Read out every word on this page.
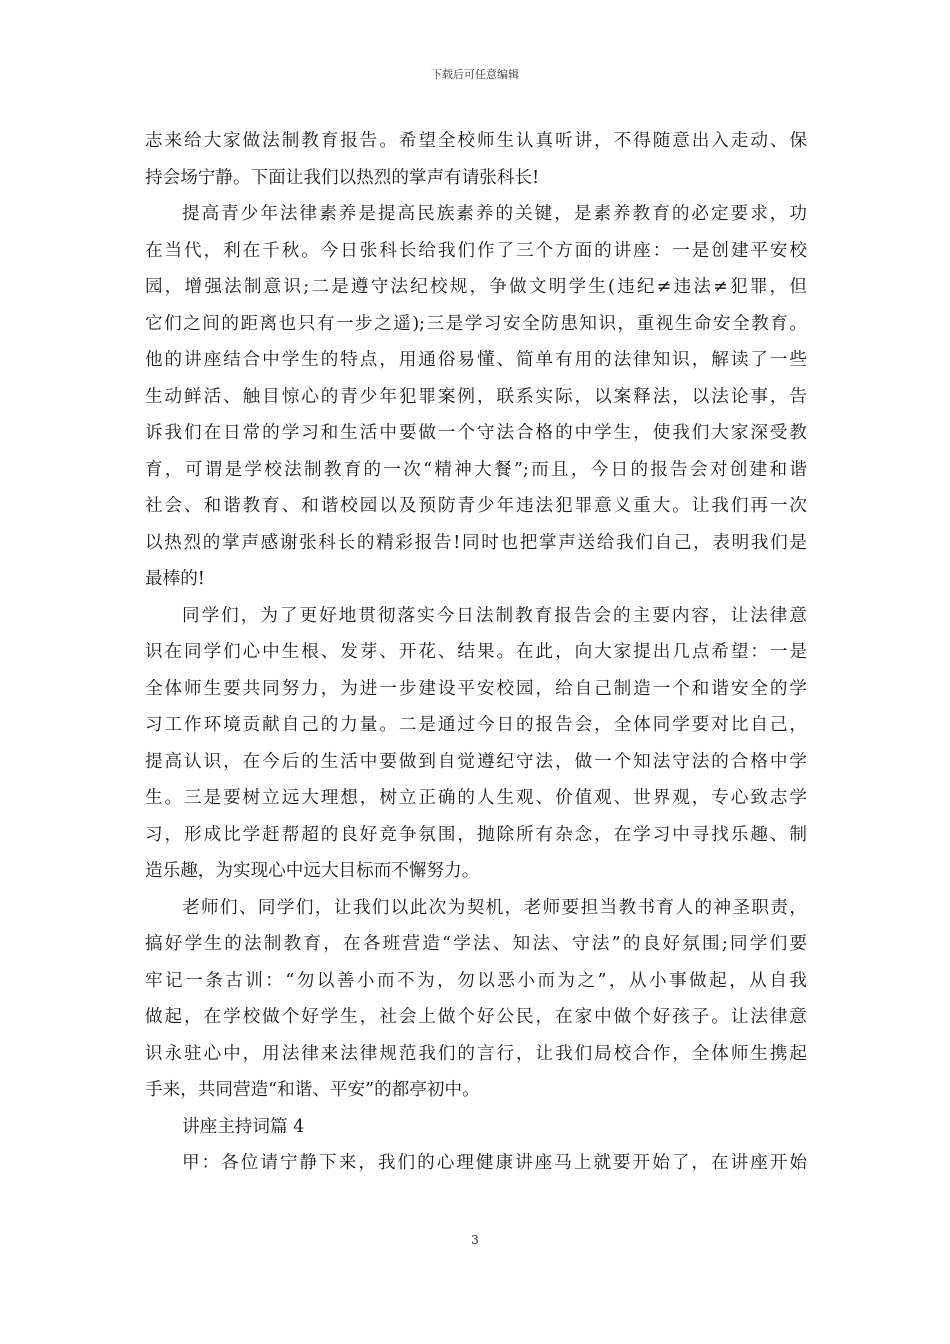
下载后可任意编辑
志来给大家做法制教育报告。希望全校师生认真听讲，不得随意出入走动、保
持会场宁静。下面让我们以热烈的掌声有请张科长!
提高青少年法律素养是提高民族素养的关键，是素养教育的必定要求，功
在当代，利在千秋。今日张科长给我们作了三个方面的讲座：一是创建平安校
园，增强法制意识;二是遵守法纪校规，争做文明学生(违纪≠违法≠犯罪，但
它们之间的距离也只有一步之遥);三是学习安全防患知识，重视生命安全教育。
他的讲座结合中学生的特点，用通俗易懂、简单有用的法律知识，解读了一些
生动鲜活、触目惊心的青少年犯罪案例，联系实际，以案释法，以法论事，告
诉我们在日常的学习和生活中要做一个守法合格的中学生，使我们大家深受教
育，可谓是学校法制教育的一次“精神大餐”;而且，今日的报告会对创建和谐
社会、和谐教育、和谐校园以及预防青少年违法犯罪意义重大。让我们再一次
以热烈的掌声感谢张科长的精彩报告!同时也把掌声送给我们自己，表明我们是
最棒的!
同学们，为了更好地贯彻落实今日法制教育报告会的主要内容，让法律意
识在同学们心中生根、发芽、开花、结果。在此，向大家提出几点希望：一是
全体师生要共同努力，为进一步建设平安校园，给自己制造一个和谐安全的学
习工作环境贡献自己的力量。二是通过今日的报告会，全体同学要对比自己，
提高认识，在今后的生活中要做到自觉遵纪守法，做一个知法守法的合格中学
生。三是要树立远大理想，树立正确的人生观、价值观、世界观，专心致志学
习，形成比学赶帮超的良好竞争氛围，抛除所有杂念，在学习中寻找乐趣、制
造乐趣，为实现心中远大目标而不懈努力。
老师们、同学们，让我们以此次为契机，老师要担当教书育人的神圣职责，
搞好学生的法制教育，在各班营造“学法、知法、守法”的良好氛围;同学们要
牢记一条古训：“勿以善小而不为，勿以恶小而为之”，从小事做起，从自我
做起，在学校做个好学生，社会上做个好公民，在家中做个好孩子。让法律意
识永驻心中，用法律来法律规范我们的言行，让我们局校合作，全体师生携起
手来，共同营造“和谐、平安”的都亭初中。
讲座主持词篇 4
甲：各位请宁静下来，我们的心理健康讲座马上就要开始了，在讲座开始
3
